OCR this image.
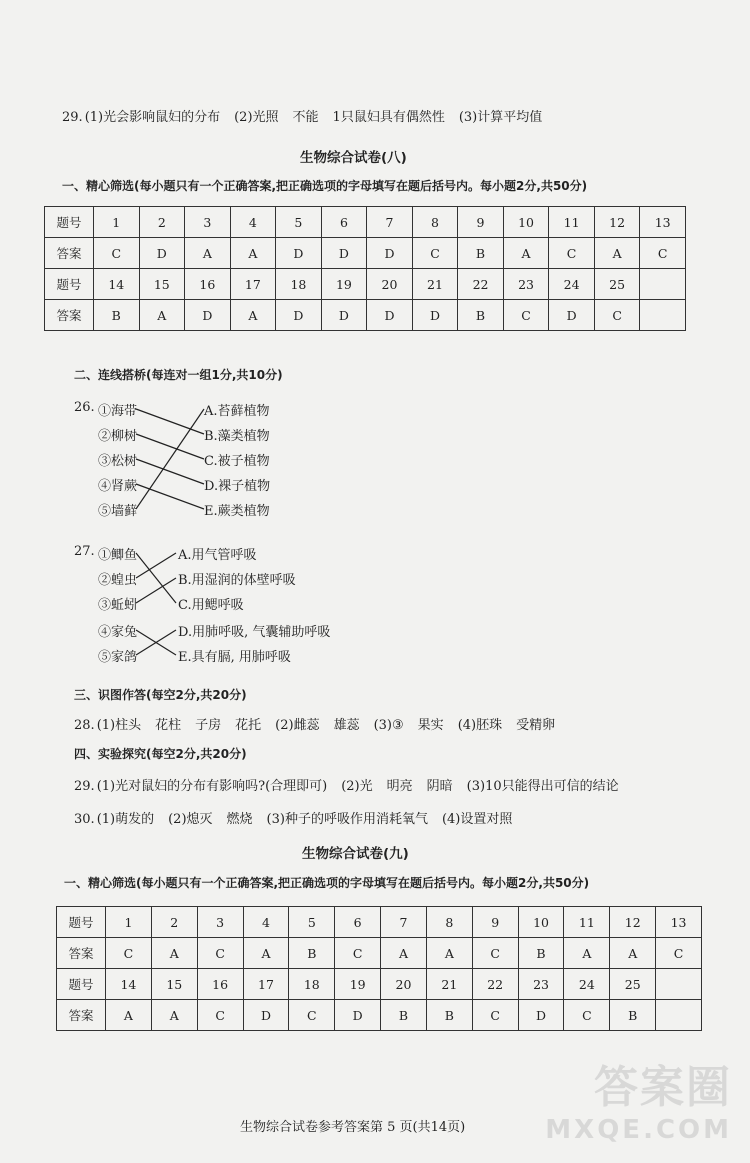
29. (1)光会影响鼠妇的分布 (2)光照 不能 1只鼠妇具有偶然性 (3)计算平均值
生物综合试卷(八)
一、精心筛选(每小题只有一个正确答案,把正确选项的字母填写在题后括号内。每小题2分,共50分)
题号	1	2	3	4	5	6	7	8	9	10	11	12	13
答案	C	D	A	A	D	D	D	C	B	A	C	A	C
题号	14	15	16	17	18	19	20	21	22	23	24	25	
答案	B	A	D	A	D	D	D	D	B	C	D	C	
二、连线搭桥(每连对一组1分,共10分)
26. ①海带
②柳树
③松树
④肾蕨
⑤墙藓
A.苔藓植物
B.藻类植物
C.被子植物
D.裸子植物
E.蕨类植物
27. ①鲫鱼
②蝗虫
③蚯蚓
④家兔
⑤家鸽
A.用气管呼吸
B.用湿润的体壁呼吸
C.用鳃呼吸
D.用肺呼吸, 气囊辅助呼吸
E.具有膈, 用肺呼吸
三、识图作答(每空2分,共20分)
28. (1)柱头 花柱 子房 花托 (2)雌蕊 雄蕊 (3)③ 果实 (4)胚珠 受精卵
四、实验探究(每空2分,共20分)
29. (1)光对鼠妇的分布有影响吗?(合理即可) (2)光 明亮 阴暗 (3)10只能得出可信的结论
30. (1)萌发的 (2)熄灭 燃烧 (3)种子的呼吸作用消耗氧气 (4)设置对照
生物综合试卷(九)
一、精心筛选(每小题只有一个正确答案,把正确选项的字母填写在题后括号内。每小题2分,共50分)
题号	1	2	3	4	5	6	7	8	9	10	11	12	13
答案	C	A	C	A	B	C	A	A	C	B	A	A	C
题号	14	15	16	17	18	19	20	21	22	23	24	25	
答案	A	A	C	D	C	D	B	B	C	D	C	B	
生物综合试卷参考答案第 5 页(共14页)
答案圈
MXQE.COM
